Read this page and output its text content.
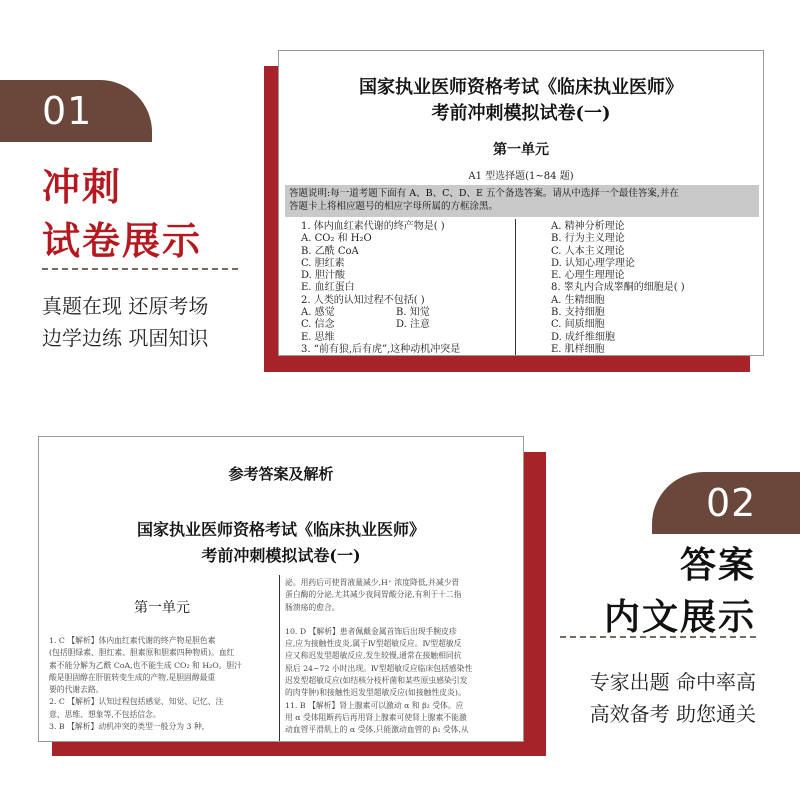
01
冲刺
试卷展示
真题在现 还原考场
边学边练 巩固知识
国家执业医师资格考试《临床执业医师》
考前冲刺模拟试卷(一)
第一单元
A1 型选择题(1~84 题)
答题说明:每一道考题下面有 A、B、C、D、E 五个备选答案。请从中选择一个最佳答案,并在
答题卡上将相应题号的相应字母所属的方框涂黑。
1. 体内血红素代谢的终产物是( )
A. CO₂ 和 H₂O
B. 乙酰 CoA
C. 胆红素
D. 胆汁酸
E. 血红蛋白
2. 人类的认知过程不包括( )
A. 感觉	B. 知觉
C. 信念	D. 注意
E. 思维
3. “前有狼,后有虎”,这种动机冲突是
A. 精神分析理论
B. 行为主义理论
C. 人本主义理论
D. 认知心理学理论
E. 心理生理理论
8. 睾丸内合成睾酮的细胞是( )
A. 生精细胞
B. 支持细胞
C. 间质细胞
D. 成纤维细胞
E. 肌样细胞
参考答案及解析
国家执业医师资格考试《临床执业医师》
考前冲刺模拟试卷(一)
第一单元
1. C 【解析】体内血红素代谢的终产物是胆色素
(包括胆绿素、胆红素、胆素原和胆素四种物质)。血红
素不能分解为乙酰 CoA,也不能生成 CO₂ 和 H₂O。胆汁
酸是胆固醇在肝脏转变生成的产物,是胆固醇最重
要的代谢去路。
2. C 【解析】认知过程包括感觉、知觉、记忆、注
意、思维、想象等,不包括信念。
3. B 【解析】动机冲突的类型一般分为 3 种,
泌。用药后可使胃液量减少,H⁺ 浓度降低,并减少胃
蛋白酶的分泌,尤其减少夜间胃酸分泌,有利于十二指
肠溃疡的愈合。
10. D 【解析】患者佩戴金属首饰后出现手腕皮疹
应,应为接触性皮炎,属于Ⅳ型超敏反应。Ⅳ型超敏反
应又称迟发型超敏反应,发生较慢,通常在接触相同抗
原后 24~72 小时出现。Ⅳ型超敏反应临床包括感染性
迟发型超敏反应(如结核分枝杆菌和某些原虫感染引发
的肉芽肿)和接触性迟发型超敏反应(如接触性皮炎)。
11. B 【解析】肾上腺素可以激动 α 和 β₂ 受体。应
用 α 受体阻断药后再用肾上腺素可使肾上腺素不能激
动血管平滑肌上的 α 受体,只能激动血管的 β₂ 受体,从
02
答案
内文展示
专家出题 命中率高
高效备考 助您通关
